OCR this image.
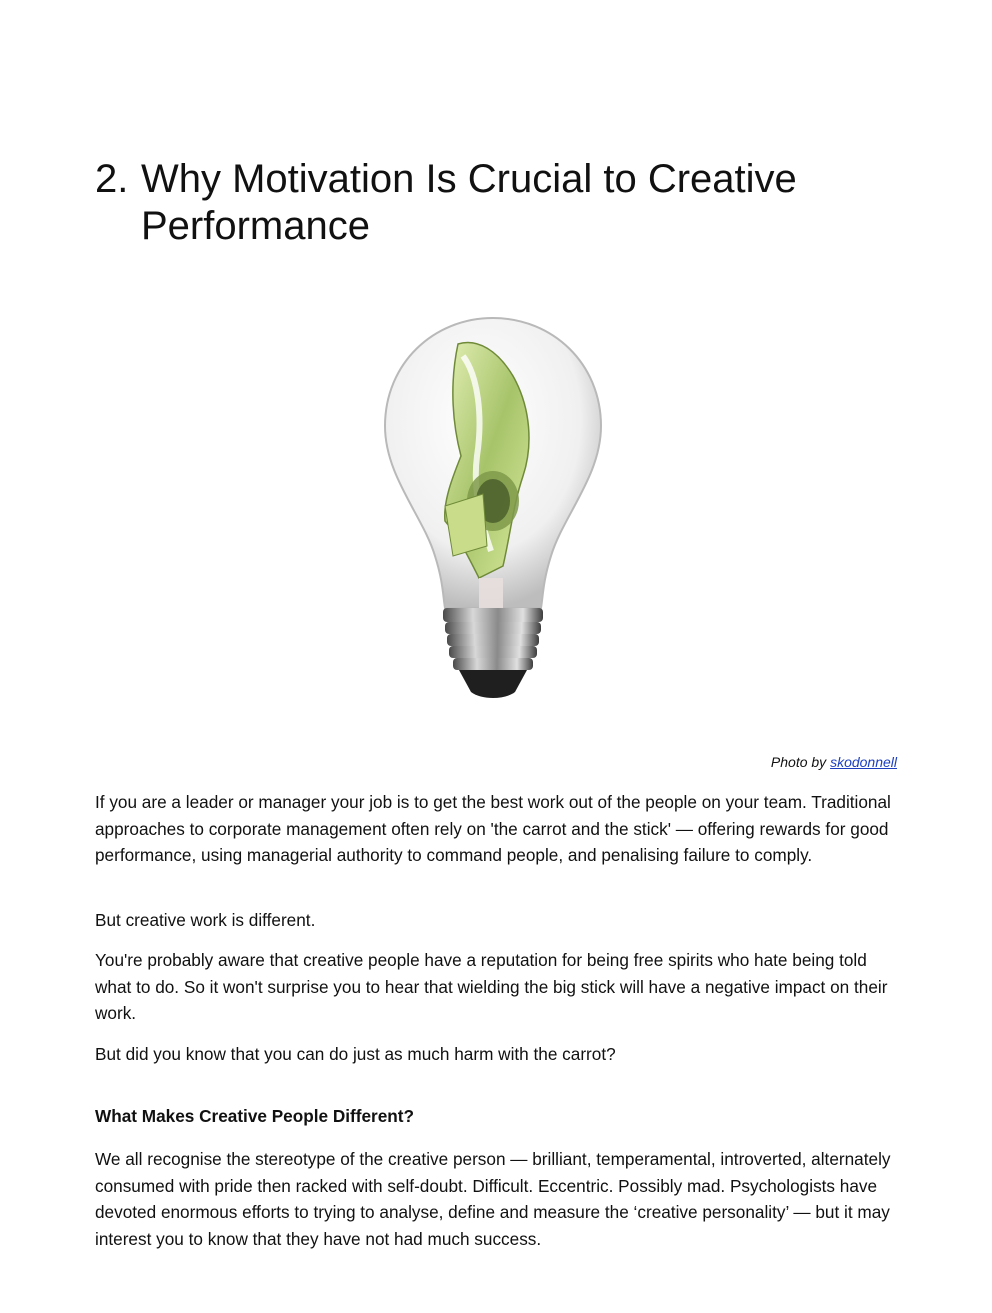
2. Why Motivation Is Crucial to Creative Performance
Photo by skodonnell

If you are a leader or manager your job is to get the best work out of the people on your team. Traditional approaches to corporate management often rely on 'the carrot and the stick' — offering rewards for good performance, using managerial authority to command people, and penalising failure to comply.

But creative work is different.

You're probably aware that creative people have a reputation for being free spirits who hate being told what to do. So it won't surprise you to hear that wielding the big stick will have a negative impact on their work.

But did you know that you can do just as much harm with the carrot?

What Makes Creative People Different?

We all recognise the stereotype of the creative person — brilliant, temperamental, introverted, alternately consumed with pride then racked with self-doubt. Difficult. Eccentric. Possibly mad. Psychologists have devoted enormous efforts to trying to analyse, define and measure the ‘creative personality’ — but it may interest you to know that they have not had much success.
